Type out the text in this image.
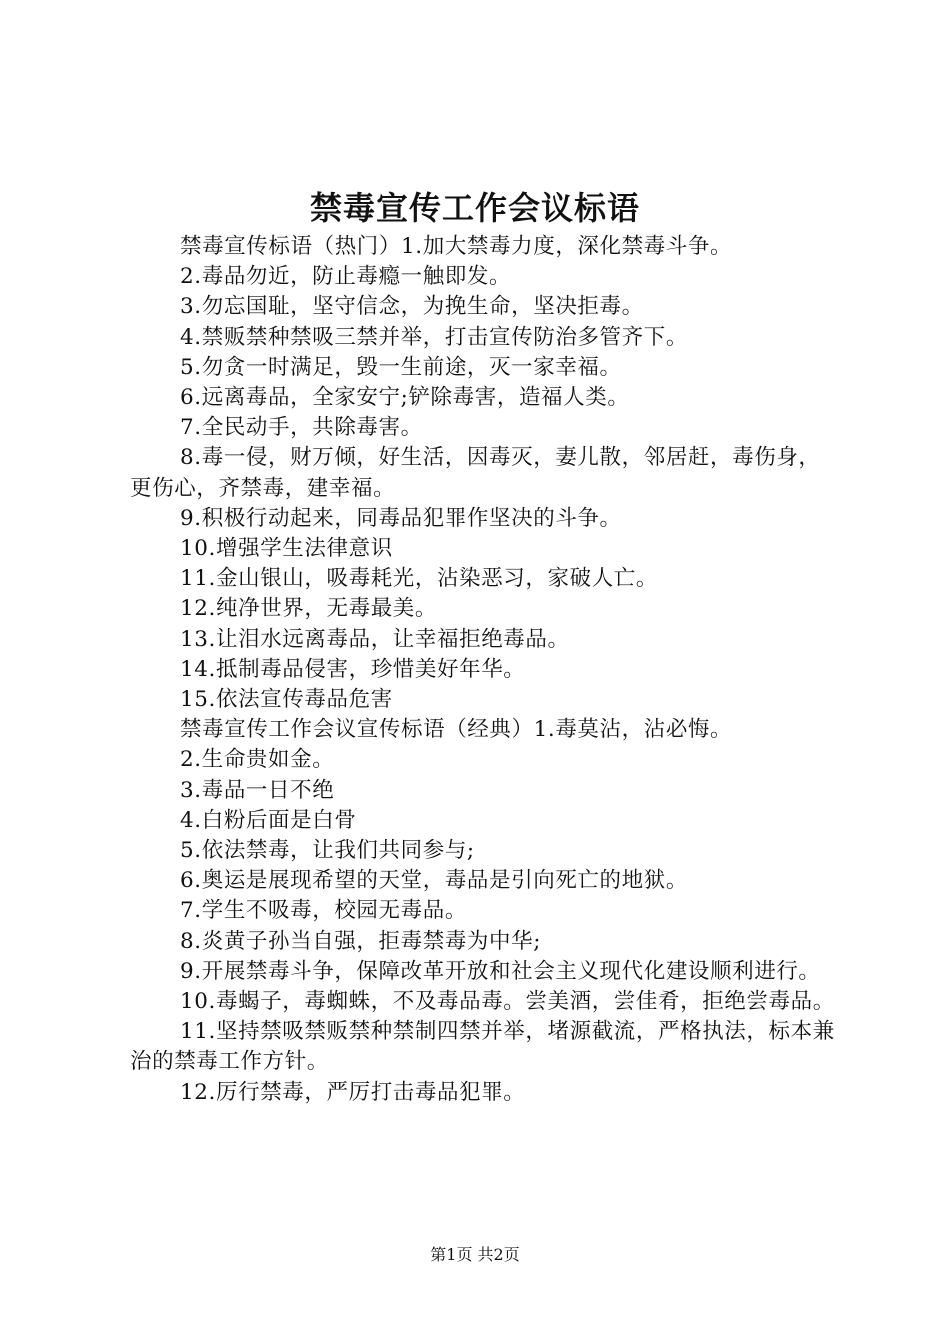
禁毒宣传工作会议标语

禁毒宣传标语（热门）1.加大禁毒力度，深化禁毒斗争。

2.毒品勿近，防止毒瘾一触即发。

3.勿忘国耻，坚守信念，为挽生命，坚决拒毒。

4.禁贩禁种禁吸三禁并举，打击宣传防治多管齐下。

5.勿贪一时满足，毁一生前途，灭一家幸福。

6.远离毒品，全家安宁;铲除毒害，造福人类。

7.全民动手，共除毒害。

8.毒一侵，财万倾，好生活，因毒灭，妻儿散，邻居赶，毒伤身，更伤心，齐禁毒，建幸福。

9.积极行动起来，同毒品犯罪作坚决的斗争。

10.增强学生法律意识

11.金山银山，吸毒耗光，沾染恶习，家破人亡。

12.纯净世界，无毒最美。

13.让泪水远离毒品，让幸福拒绝毒品。

14.抵制毒品侵害，珍惜美好年华。

15.依法宣传毒品危害

禁毒宣传工作会议宣传标语（经典）1.毒莫沾，沾必悔。

2.生命贵如金。

3.毒品一日不绝

4.白粉后面是白骨

5.依法禁毒，让我们共同参与;

6.奥运是展现希望的天堂，毒品是引向死亡的地狱。

7.学生不吸毒，校园无毒品。

8.炎黄子孙当自强，拒毒禁毒为中华;

9.开展禁毒斗争，保障改革开放和社会主义现代化建设顺利进行。

10.毒蝎子，毒蜘蛛，不及毒品毒。尝美酒，尝佳肴，拒绝尝毒品。

11.坚持禁吸禁贩禁种禁制四禁并举，堵源截流，严格执法，标本兼治的禁毒工作方针。

12.厉行禁毒，严厉打击毒品犯罪。

第1页 共2页
